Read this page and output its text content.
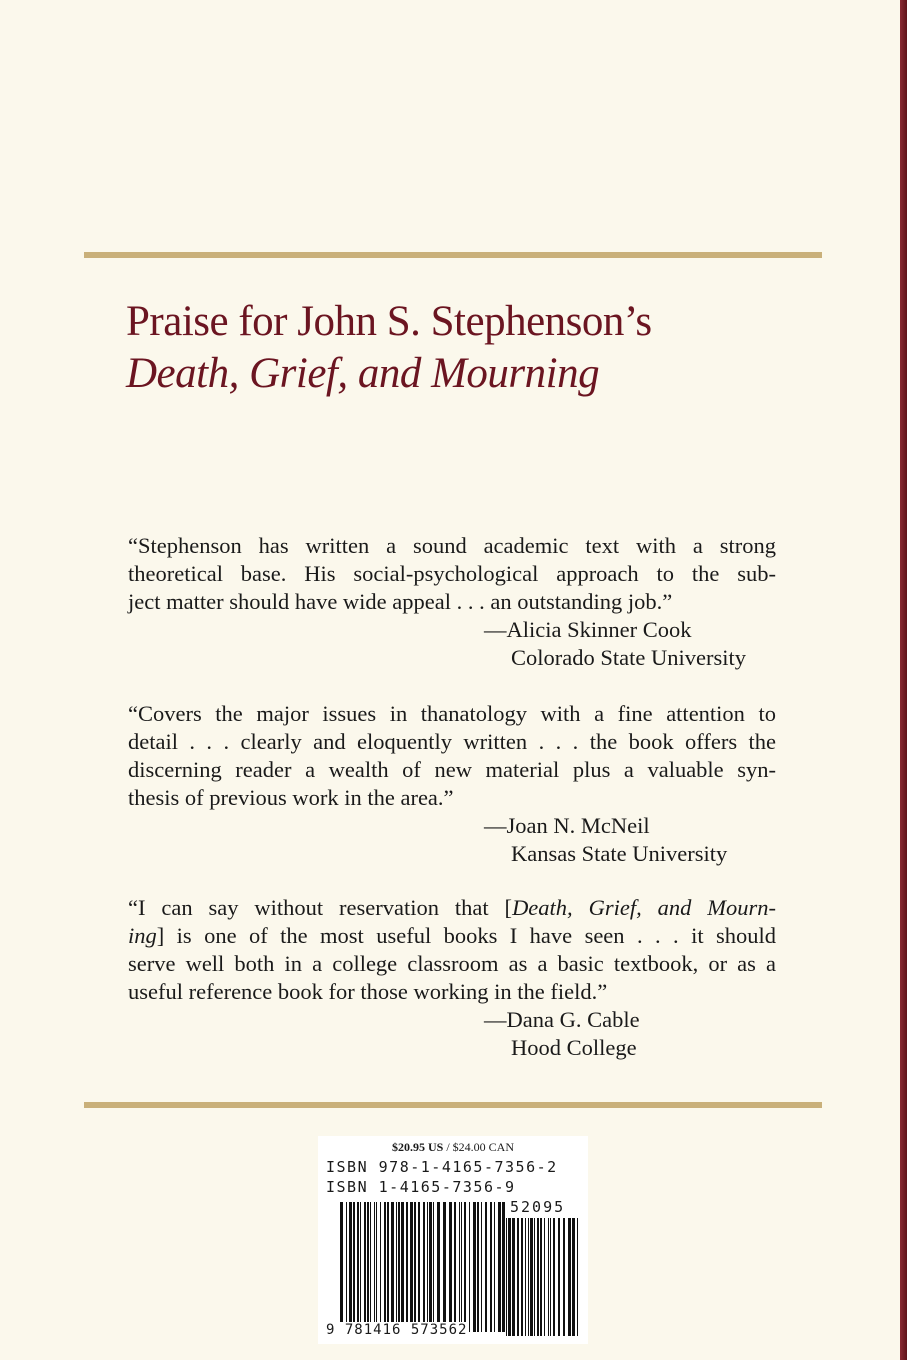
Praise for John S. Stephenson’s
Death, Grief, and Mourning
“Stephenson has written a sound academic text with a strong
theoretical base. His social-psychological approach to the sub-
ject matter should have wide appeal . . . an outstanding job.”
—Alicia Skinner Cook
Colorado State University
“Covers the major issues in thanatology with a fine attention to
detail . . . clearly and eloquently written . . . the book offers the
discerning reader a wealth of new material plus a valuable syn-
thesis of previous work in the area.”
—Joan N. McNeil
Kansas State University
“I can say without reservation that [Death, Grief, and Mourn-
ing] is one of the most useful books I have seen . . . it should
serve well both in a college classroom as a basic textbook, or as a
useful reference book for those working in the field.”
—Dana G. Cable
Hood College
$20.95 US / $24.00 CAN
ISBN 978-1-4165-7356-2
ISBN 1-4165-7356-9
52095
9 781416 573562
